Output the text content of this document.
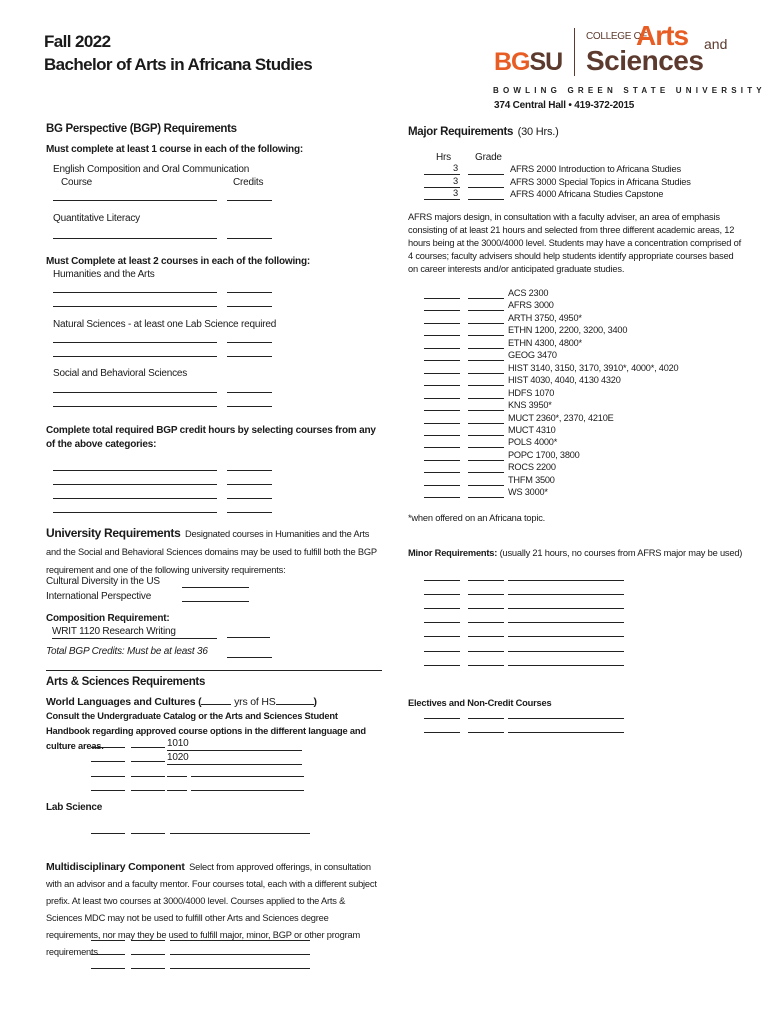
Fall 2022
Bachelor of Arts in Africana Studies	BGSU
COLLEGE OF
Arts and
Sciences
BOWLING GREEN STATE UNIVERSITY
374 Central Hall • 419-372-2015
BG Perspective (BGP) Requirements
Must complete at least 1 course in each of the following:
English Composition and Oral Communication
Course	Credits
Quantitative Literacy
Must Complete at least 2 courses in each of the following:
Humanities and the Arts
Natural Sciences - at least one Lab Science required
Social and Behavioral Sciences
Complete total required BGP credit hours by selecting courses from any of the above categories:
University Requirements Designated courses in Humanities and the Arts and the Social and Behavioral Sciences domains may be used to fulfill both the BGP requirement and one of the following university requirements:
Cultural Diversity in the US
International Perspective
Composition Requirement:
WRIT 1120 Research Writing
Total BGP Credits: Must be at least 36
Arts & Sciences Requirements
World Languages and Cultures (	yrs of HS	)
Consult the Undergraduate Catalog or the Arts and Sciences Student Handbook regarding approved course options in the different language and culture areas.	1010
1020
Lab Science
Multidisciplinary Component Select from approved offerings, in consultation with an advisor and a faculty mentor. Four courses total, each with a different subject prefix. At least two courses at 3000/4000 level. Courses applied to the Arts & Sciences MDC may not be used to fulfill other Arts and Sciences degree requirements, nor may they be used to fulfill major, minor, BGP or other program requirements.
Major Requirements (30 Hrs.)
Hrs Grade
3	AFRS 2000 Introduction to Africana Studies
3	AFRS 3000 Special Topics in Africana Studies
3	AFRS 4000 Africana Studies Capstone
AFRS majors design, in consultation with a faculty adviser, an area of emphasis consisting of at least 21 hours and selected from three different academic areas, 12 hours being at the 3000/4000 level. Students may have a concentration comprised of 4 courses; faculty advisers should help students identify appropriate courses based on career interests and/or anticipated graduate studies.
ACS 2300
AFRS 3000
ARTH 3750, 4950*
ETHN 1200, 2200, 3200, 3400
ETHN 4300, 4800*
GEOG 3470
HIST 3140, 3150, 3170, 3910*, 4000*, 4020
HIST 4030, 4040, 4130 4320
HDFS 1070
KNS 3950*
MUCT 2360*, 2370, 4210E
MUCT 4310
POLS 4000*
POPC 1700, 3800
ROCS 2200
THFM 3500
WS 3000*
*when offered on an Africana topic.
Minor Requirements: (usually 21 hours, no courses from AFRS major may be used)
Electives and Non-Credit Courses
